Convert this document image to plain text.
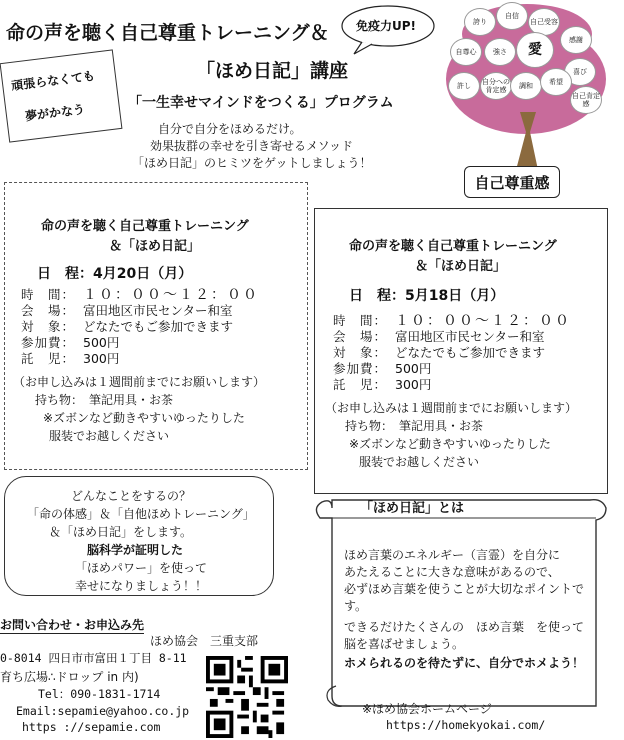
命の声を聴く自己尊重トレーニング＆
「ほめ日記」講座
免疫力UP!
頑張らなくても
夢がかなう	「一生幸せマインドをつくる」プログラム
自分で自分をほめるだけ。
効果抜群の幸せを引き寄せるメソッド
「ほめ日記」のヒミツをゲットしましょう！
誇り
自信
自己受容
感謝
自尊心	強さ	愛
喜び
許し	自分への肯定感	調和	希望
自己肯定感
自己尊重感
命の声を聴く自己尊重トレーニング
＆「ほめ日記」
日　程：4月20日（月）
時　間： １０：００～１２：００
会　場： 富田地区市民センター和室
対　象： どなたでもご参加できます
参加費： 500円
託　児： 300円
（お申し込みは１週間前までにお願いします）
持ち物：　筆記用具・お茶
※ズボンなど動きやすいゆったりした
服装でお越しください
命の声を聴く自己尊重トレーニング
＆「ほめ日記」
日　程：5月18日（月）
時　間： １０：００～１２：００
会　場： 富田地区市民センター和室
対　象： どなたでもご参加できます
参加費： 500円
託　児： 300円
（お申し込みは１週間前までにお願いします）
持ち物：　筆記用具・お茶
※ズボンなど動きやすいゆったりした
服装でお越しください
どんなことをするの？
「命の体感」＆「自他ほめトレーニング」
＆「ほめ日記」をします。
脳科学が証明した
「ほめパワー」を使って
幸せになりましょう！！
「ほめ日記」とは
ほめ言葉のエネルギー（言霊）を自分に
あたえることに大きな意味があるので、
必ずほめ言葉を使うことが大切なポイントで
す。
できるだけたくさんの　ほめ言葉　を使って
脳を喜ばせましょう。
ホメられるのを待たずに、自分でホメよう！
お問い合わせ・お申込み先
ほめ協会　三重支部
0-8014 四日市市富田１丁目 8-11
育ち広場∴ドロップ in 内)
Tel：090-1831-1714
Email:sepamie@yahoo.co.jp
https ://sepamie.com
※ほめ協会ホームページ
https://homekyokai.com/
